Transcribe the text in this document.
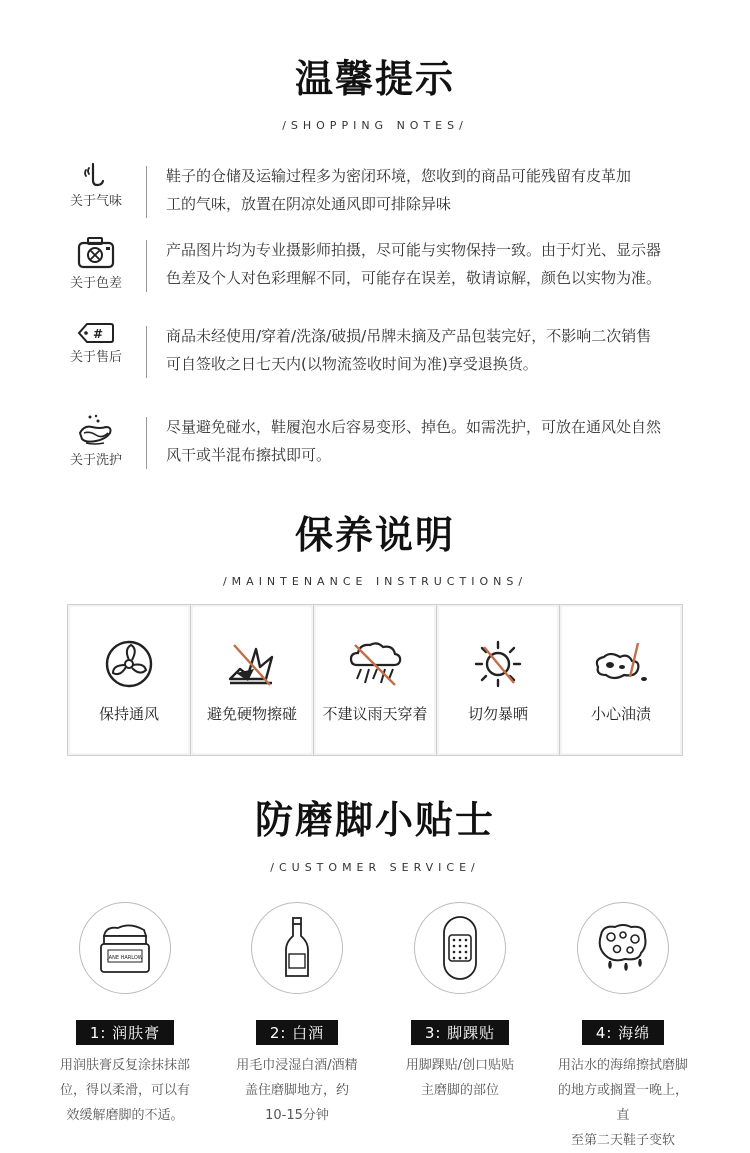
温馨提示
/SHOPPING NOTES/
关于气味
鞋子的仓储及运输过程多为密闭环境，您收到的商品可能残留有皮革加
工的气味，放置在阴凉处通风即可排除异味
关于色差
产品图片均为专业摄影师拍摄，尽可能与实物保持一致。由于灯光、显示器
色差及个人对色彩理解不同，可能存在误差，敬请谅解，颜色以实物为准。
#
关于售后
商品未经使用/穿着/洗涤/破损/吊牌未摘及产品包装完好，不影响二次销售
可自签收之日七天内(以物流签收时间为准)享受退换货。
关于洗护
尽量避免碰水，鞋履泡水后容易变形、掉色。如需洗护，可放在通风处自然
风干或半混布擦拭即可。
保养说明
/MAINTENANCE INSTRUCTIONS/
保持通风	避免硬物擦碰	不建议雨天穿着	切勿暴晒	小心油渍
防磨脚小贴士
/CUSTOMER SERVICE/
JANE HARLOW
1: 润肤膏
用润肤膏反复涂抹抹部
位，得以柔滑，可以有
效缓解磨脚的不适。
2: 白酒
用毛巾浸湿白酒/酒精
盖住磨脚地方，约
10-15分钟
3: 脚踝贴
用脚踝贴/创口贴贴
主磨脚的部位
4: 海绵
用沾水的海绵擦拭磨脚
的地方或搁置一晚上，直
至第二天鞋子变软
